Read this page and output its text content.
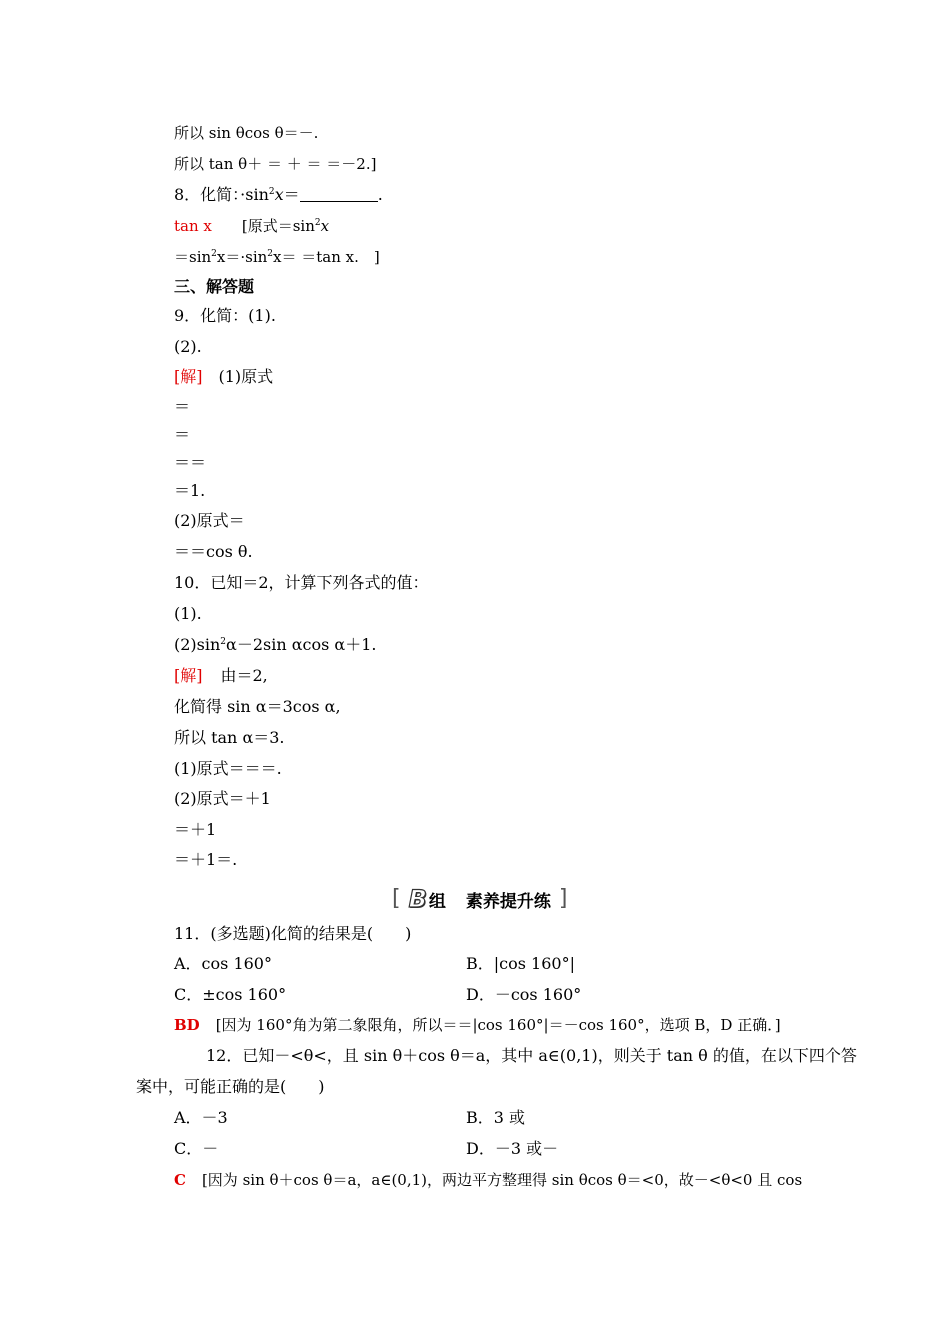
所以 sin θcos θ＝－.
所以 tan θ＋ ＝ ＋ ＝ ＝－2.]
8．化简：$\cdot\sin^2x=$	.
tan x [原式$=\sin^2x$
$=\sin^2x=\cdot\sin^2x= =\tan$ x.　]
三、解答题
9．化简：(1).
(2).
[解] (1)原式
＝
＝
＝＝
＝1.
(2)原式＝
＝＝cos θ.
10．已知＝2，计算下列各式的值：
(1).
$(2)\sin^2\alpha-2\sin$ αcos α＋1.
[解] 由＝2,
化简得 sin α＝3cos α,
所以 tan α＝3.
(1)原式＝＝＝.
(2)原式＝＋1
＝＋1
＝＋1＝.
[ B 组 素养提升练 ]
11．(多选题)化简的结果是(　　)
A．cos 160°	B．|cos 160°|
C．±cos 160°	D．－cos 160°
BD [因为 160°角为第二象限角，所以＝＝|cos 160°|＝－cos 160°，选项 B，D 正确．]
12．已知－<θ<，且 sin θ＋cos θ＝a，其中 a∈(0,1)，则关于 tan θ 的值，在以下四个答
案中，可能正确的是(　　)
A．－3	B．3 或
C．－	D．－3 或－
C [因为 sin θ＋cos θ＝a，a∈(0,1)，两边平方整理得 sin θcos θ＝<0，故－<θ<0 且 cos
